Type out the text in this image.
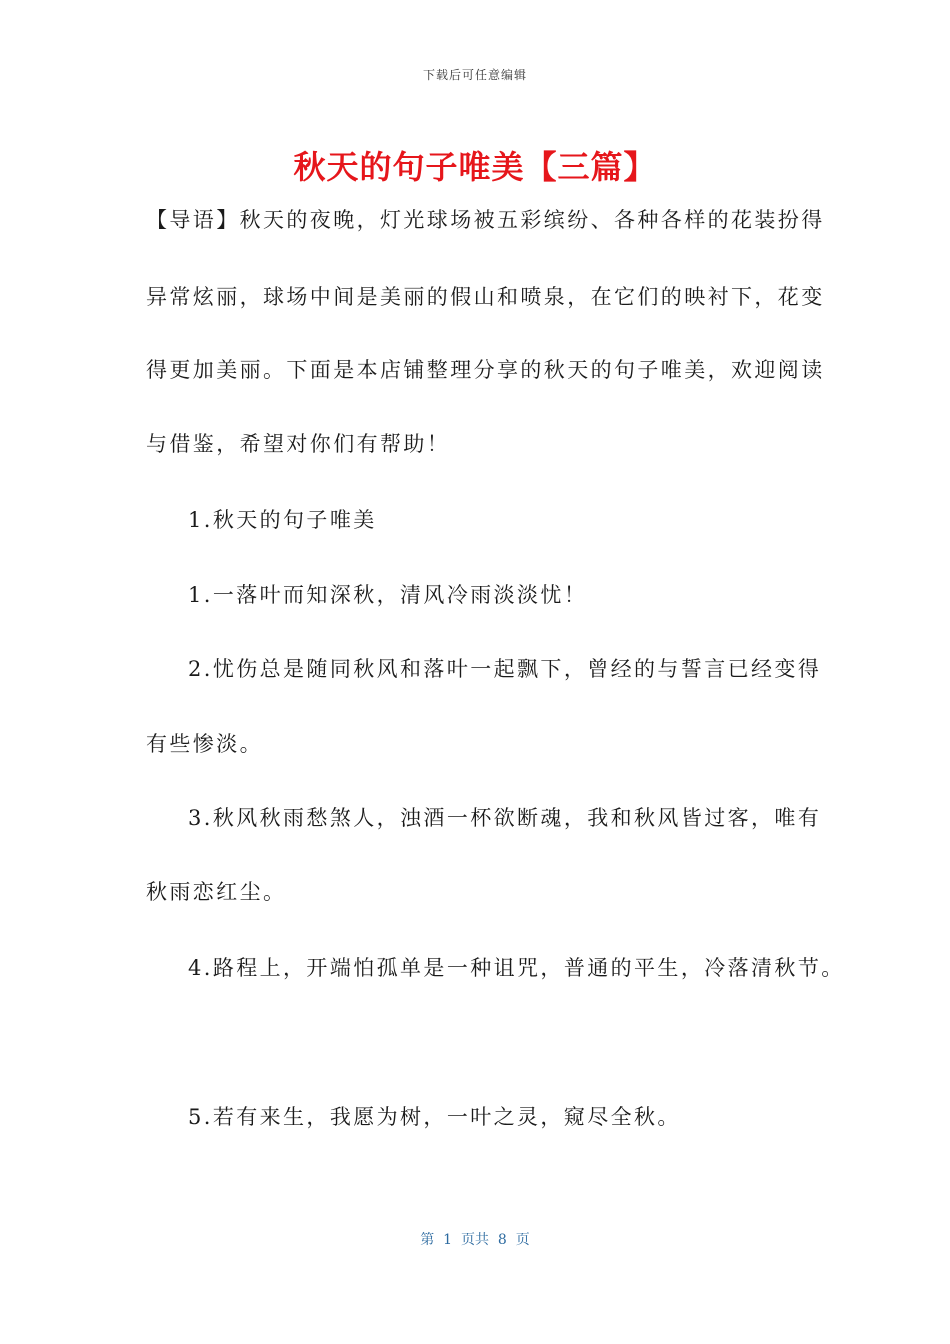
下载后可任意编辑
秋天的句子唯美【三篇】
【导语】秋天的夜晚，灯光球场被五彩缤纷、各种各样的花装扮得
异常炫丽，球场中间是美丽的假山和喷泉，在它们的映衬下，花变
得更加美丽。下面是本店铺整理分享的秋天的句子唯美，欢迎阅读
与借鉴，希望对你们有帮助！
1.秋天的句子唯美
1.一落叶而知深秋，清风冷雨淡淡忧！
2.忧伤总是随同秋风和落叶一起飘下，曾经的与誓言已经变得
有些惨淡。
3.秋风秋雨愁煞人，浊酒一杯欲断魂，我和秋风皆过客，唯有
秋雨恋红尘。
4.路程上，开端怕孤单是一种诅咒，普通的平生，冷落清秋节。
5.若有来生，我愿为树，一叶之灵，窥尽全秋。
第  1  页共  8  页
